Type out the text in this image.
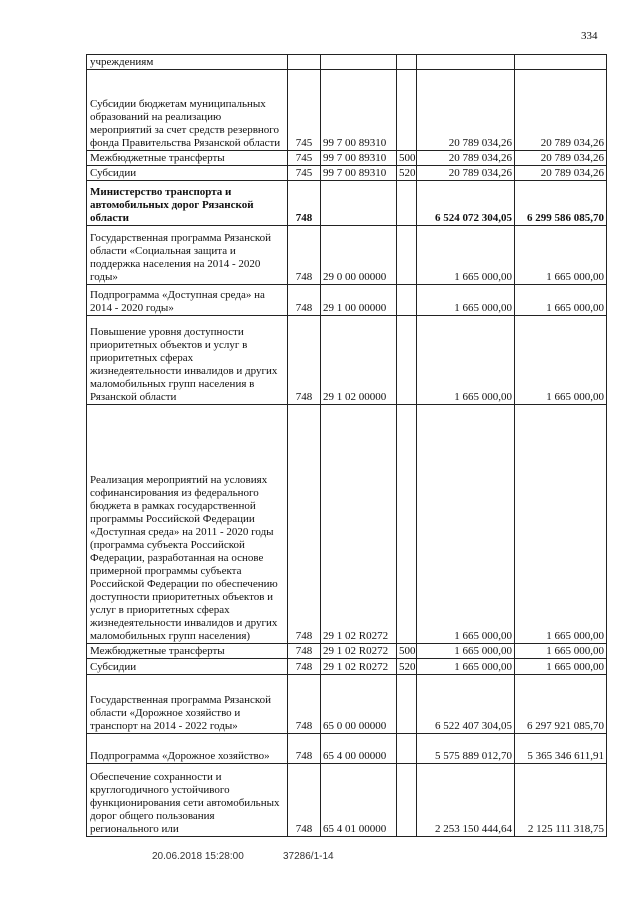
334
учреждениям					
Субсидии бюджетам муниципальных образований на реализацию мероприятий за счет средств резервного фонда Правительства Рязанской области	745	99 7 00 89310		20 789 034,26	20 789 034,26
Межбюджетные трансферты	745	99 7 00 89310	500	20 789 034,26	20 789 034,26
Субсидии	745	99 7 00 89310	520	20 789 034,26	20 789 034,26
Министерство транспорта и автомобильных дорог Рязанской области	748			6 524 072 304,05	6 299 586 085,70
Государственная программа Рязанской области «Социальная защита и поддержка населения на 2014 - 2020 годы»	748	29 0 00 00000		1 665 000,00	1 665 000,00
Подпрограмма «Доступная среда» на 2014 - 2020 годы»	748	29 1 00 00000		1 665 000,00	1 665 000,00
Повышение уровня доступности приоритетных объектов и услуг в приоритетных сферах жизнедеятельности инвалидов и других маломобильных групп населения в Рязанской области	748	29 1 02 00000		1 665 000,00	1 665 000,00
Реализация мероприятий на условиях софинансирования из федерального бюджета в рамках государственной программы Российской Федерации «Доступная среда» на 2011 - 2020 годы (программа субъекта Российской Федерации, разработанная на основе примерной программы субъекта Российской Федерации по обеспечению доступности приоритетных объектов и услуг в приоритетных сферах жизнедеятельности инвалидов и других маломобильных групп населения)	748	29 1 02 R0272		1 665 000,00	1 665 000,00
Межбюджетные трансферты	748	29 1 02 R0272	500	1 665 000,00	1 665 000,00
Субсидии	748	29 1 02 R0272	520	1 665 000,00	1 665 000,00
Государственная программа Рязанской области «Дорожное хозяйство и транспорт на 2014 - 2022 годы»	748	65 0 00 00000		6 522 407 304,05	6 297 921 085,70
Подпрограмма «Дорожное хозяйство»	748	65 4 00 00000		5 575 889 012,70	5 365 346 611,91
Обеспечение сохранности и круглогодичного устойчивого функционирования сети автомобильных дорог общего пользования регионального или	748	65 4 01 00000		2 253 150 444,64	2 125 111 318,75
20.06.2018 15:28:00	37286/1-14
